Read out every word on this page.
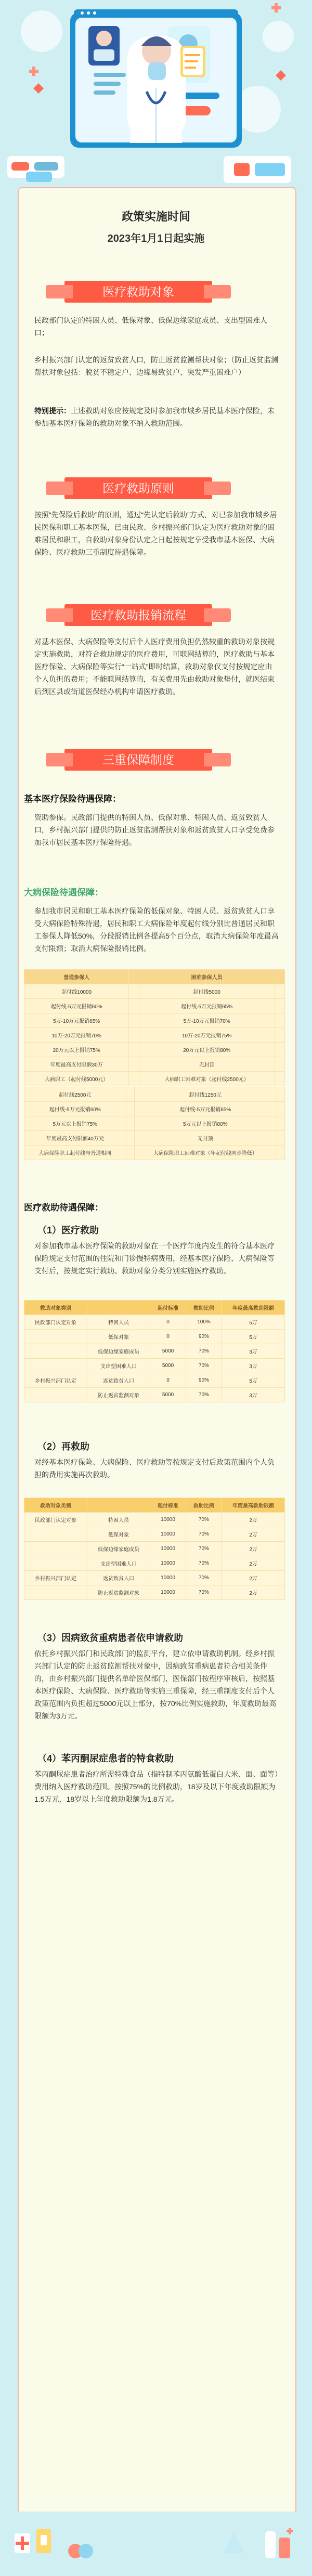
政策实施时间
2023年1月1日起实施
医疗救助对象
民政部门认定的特困人员、低保对象、低保边缘家庭成员、支出型困难人口；
乡村振兴部门认定的返贫致贫人口，防止返贫监测帮扶对象；（防止返贫监测帮扶对象包括：脱贫不稳定户、边缘易致贫户、突发严重困难户）
特别提示：上述救助对象应按规定及时参加我市城乡居民基本医疗保险，未参加基本医疗保险的救助对象不纳入救助范围。
医疗救助原则
按照“先保险后救助”的原则，通过“先认定后救助”方式，对已参加我市城乡居民医保和职工基本医保，已由民政、乡村振兴部门认定为医疗救助对象的困难居民和职工，自救助对象身份认定之日起按规定享受我市基本医保、大病保险、医疗救助三重制度待遇保障。
医疗救助报销流程
对基本医保、大病保险等支付后个人医疗费用负担仍然较重的救助对象按规定实施救助，对符合救助规定的医疗费用，可联网结算的，医疗救助与基本医疗保险、大病保险等实行“一站式”即时结算，救助对象仅支付按规定应由个人负担的费用；不能联网结算的，有关费用先由救助对象垫付，就医结束后到区县或街道医保经办机构申请医疗救助。
三重保障制度
基本医疗保险待遇保障：
资助参保。民政部门提供的特困人员、低保对象、特困人员、返贫致贫人口，乡村振兴部门提供的防止返贫监测帮扶对象和返贫致贫人口享受免费参加我市居民基本医疗保险待遇。
大病保险待遇保障：
参加我市居民和职工基本医疗保险的低保对象、特困人员、返贫致贫人口享受大病保险特殊待遇，居民和职工大病保险年度起付线分别比普通居民和职工参保人降低50%，分段报销比例各提高5个百分点，取消大病保险年度最高支付限额；取消大病保险报销比例。
普通参保人		困难参保人员	
起付线10000		起付线5000	
起付线-5万元报销60%		起付线-5万元报销65%	
5万-10万元报销65%		5万-10万元报销70%	
10万-20万元报销70%		10万-20万元报销75%	
20万元以上报销75%		20万元以上报销80%	
年度最高支付限额30万		无封顶	
大病职工（起付线5000元）		大病职工困难对象（起付线2500元）	
起付线2500元		起付线1250元	
起付线-5万元报销60%		起付线-5万元报销65%	
5万元以上报销75%		5万元以上报销80%	
年度最高支付限额40万元		无封顶	
大病保险职工起付线与普通相同		大病保险职工困难对象（年起付线同步降低）	
医疗救助待遇保障：
（1）医疗救助
对参加我市基本医疗保险的救助对象在一个医疗年度内发生的符合基本医疗保险规定支付范围的住院和门诊慢特病费用，经基本医疗保险、大病保险等支付后，按规定实行救助。救助对象分类分别实施医疗救助。
救助对象类别		起付标准	救助比例	年度最高救助限额
民政部门认定对象	特困人员	0	100%	5万
	低保对象	0	90%	5万
	低保边缘家庭成员	5000	70%	3万
	支出型困难人口	5000	70%	3万
乡村振兴部门认定	返贫致贫人口	0	90%	5万
	防止返贫监测对象	5000	70%	3万
（2）再救助
对经基本医疗保险、大病保险、医疗救助等按规定支付后政策范围内个人负担的费用实施再次救助。
救助对象类别		起付标准	救助比例	年度最高救助限额
民政部门认定对象	特困人员	10000	70%	2万
	低保对象	10000	70%	2万
	低保边缘家庭成员	10000	70%	2万
	支出型困难人口	10000	70%	2万
乡村振兴部门认定	返贫致贫人口	10000	70%	2万
	防止返贫监测对象	10000	70%	2万
（3）因病致贫重病患者依申请救助
依托乡村振兴部门和民政部门的监测平台，建立依申请救助机制。经乡村振兴部门认定的防止返贫监测帮扶对象中，因病致贫重病患者符合相关条件的，由乡村振兴部门提供名单给医保部门，医保部门按程序审核后，按照基本医疗保险、大病保险、医疗救助等实施三重保障，经三重制度支付后个人政策范围内负担超过5000元以上部分，按70%比例实施救助，年度救助最高限额为3万元。
（4）苯丙酮尿症患者的特食救助
苯丙酮尿症患者治疗所需特殊食品（指特制苯丙氨酸低蛋白大米、面、面等）费用纳入医疗救助范围。按照75%的比例救助，18岁及以下年度救助限额为1.5万元，18岁以上年度救助限额为1.8万元。
